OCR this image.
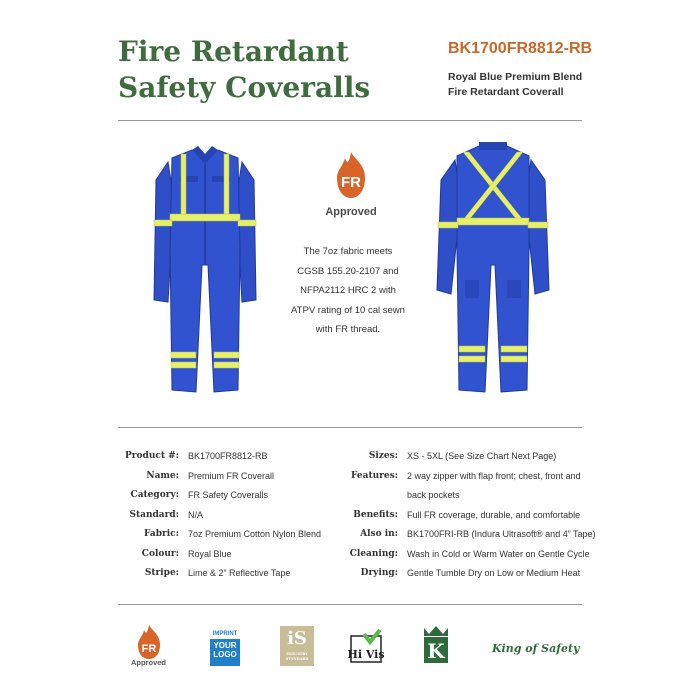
Fire Retardant
Safety Coveralls
BK1700FR8812-RB
Royal Blue Premium Blend
Fire Retardant Coverall
FR
Approved
The 7oz fabric meets
CGSB 155.20-2107 and
NFPA2112 HRC 2 with
ATPV rating of 10 cal sewn
with FR thread.
Product #: BK1700FR8812-RB
Name: Premium FR Coverall
Category: FR Safety Coveralls
Standard: N/A
Fabric: 7oz Premium Cotton Nylon Blend
Colour: Royal Blue
Stripe: Lime & 2” Reflective Tape
Sizes: XS - 5XL (See Size Chart Next Page)
Features: 2 way zipper with flap front; chest, front and
back pockets
Benefits: Full FR coverage, durable, and comfortable
Also in: BK1700FRI-RB (Indura Ultrasoft® and 4” Tape)
Cleaning: Wash in Cold or Warm Water on Gentle Cycle
Drying: Gentle Tumble Dry on Low or Medium Heat
FR
Approved
IMPRINT
YOUR
LOGO
iS
INDUSTRY STANDARD	Hi Vis K	King of Safety
